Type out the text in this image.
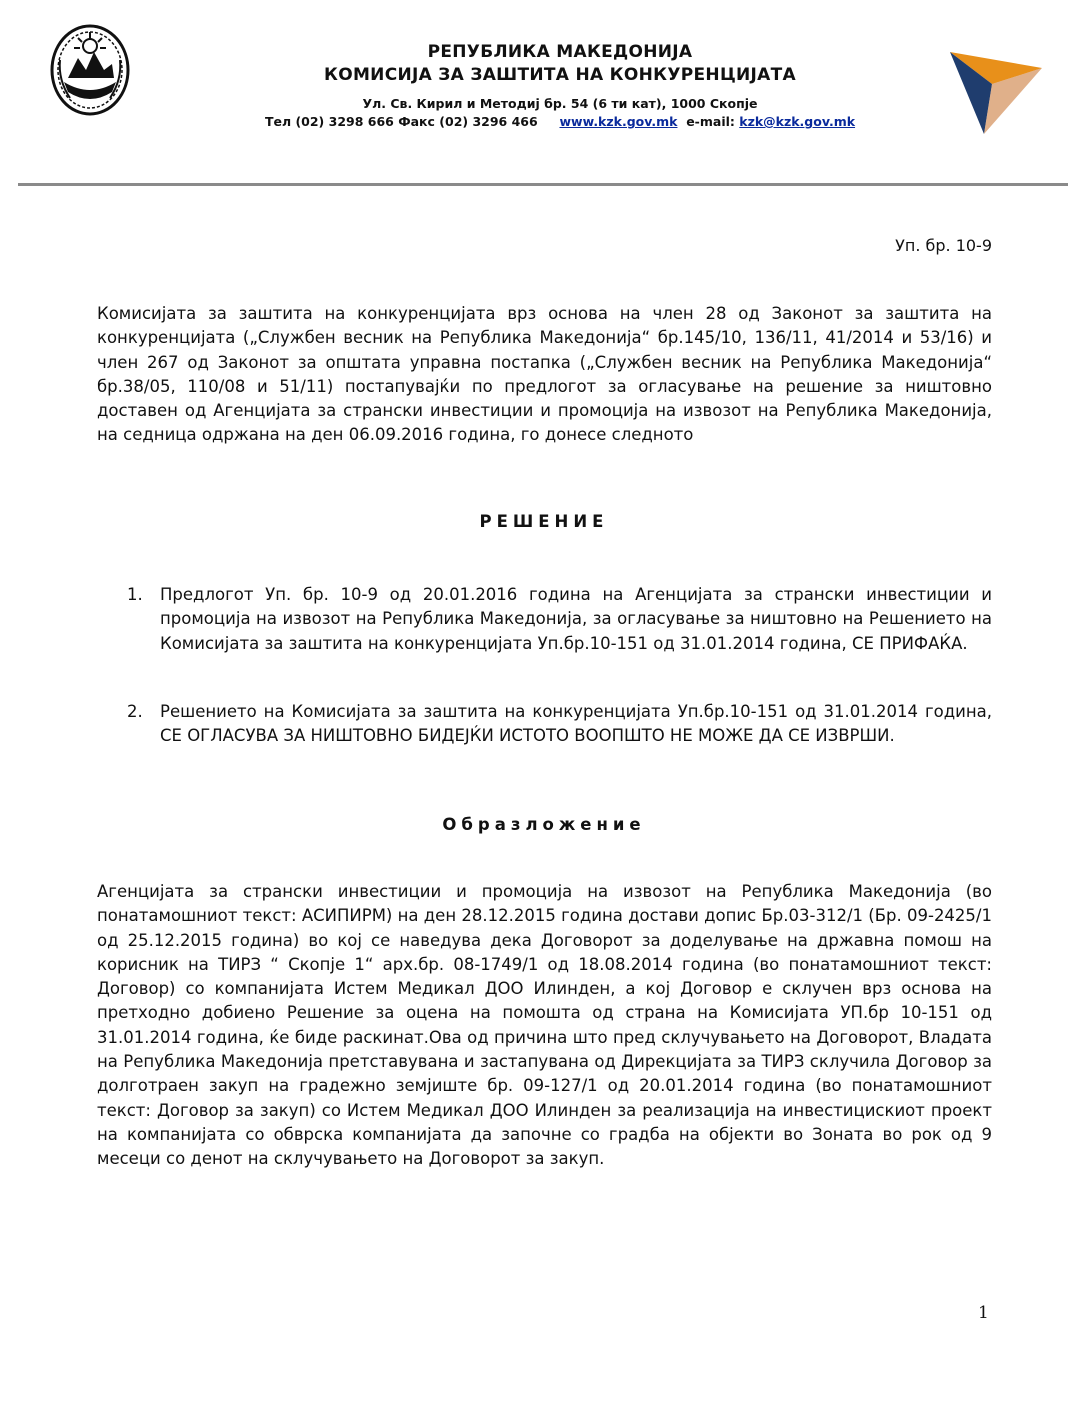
РЕПУБЛИКА МАКЕДОНИЈА
КОМИСИЈА ЗА ЗАШТИТА НА КОНКУРЕНЦИЈАТА
Ул. Св. Кирил и Методиј бр. 54 (6 ти кат), 1000 Скопје
Тел (02) 3298 666 Факс (02) 3296 466 www.kzk.gov.mk e-mail: kzk@kzk.gov.mk
Уп. бр. 10-9

Комисијата за заштита на конкуренцијата врз основа на член 28 од Законот за заштита на конкуренцијата („Службен весник на Република Македонија“ бр.145/10, 136/11, 41/2014 и 53/16) и член 267 од Законот за општата управна постапка („Службен весник на Република Македонија“ бр.38/05, 110/08 и 51/11) постапувајќи по предлогот за огласување на решение за ништовно доставен од Агенцијата за странски инвестиции и промоција на извозот на Република Македонија, на седница одржана на ден 06.09.2016 година, го донесе следното

РЕШЕНИЕ
1. Предлогот Уп. бр. 10-9 од 20.01.2016 година на Агенцијата за странски инвестиции и промоција на извозот на Република Македонија, за огласување за ништовно на Решението на Комисијата за заштита на конкуренцијата Уп.бр.10-151 од 31.01.2014 година, СЕ ПРИФАЌА.
2. Решението на Комисијата за заштита на конкуренцијата Уп.бр.10-151 од 31.01.2014 година, СЕ ОГЛАСУВА ЗА НИШТОВНО БИДЕЈЌИ ИСТОТО ВООПШТО НЕ МОЖЕ ДА СЕ ИЗВРШИ.
Образложение

Агенцијата за странски инвестиции и промоција на извозот на Република Македонија (во понатамошниот текст: АСИПИРМ) на ден 28.12.2015 година достави допис Бр.03-312/1 (Бр. 09-2425/1 од 25.12.2015 година) во кој се наведува дека Договорот за доделување на државна помош на корисник на ТИРЗ “ Скопје 1“ арх.бр. 08-1749/1 од 18.08.2014 година (во понатамошниот текст: Договор) со компанијата Истем Медикал ДОО Илинден, а кој Договор е склучен врз основа на претходно добиено Решение за оцена на помошта од страна на Комисијата УП.бр 10-151 од 31.01.2014 година, ќе биде раскинат.Ова од причина што пред склучувањето на Договорот, Владата на Република Македонија претставувана и застапувана од Дирекцијата за ТИРЗ склучила Договор за долготраен закуп на градежно земјиште бр. 09-127/1 од 20.01.2014 година (во понатамошниот текст: Договор за закуп) со Истем Медикал ДОО Илинден за реализација на инвестицискиот проект на компанијата со обврска компанијата да започне со градба на објекти во Зоната во рок од 9 месеци со денот на склучувањето на Договорот за закуп.

1
